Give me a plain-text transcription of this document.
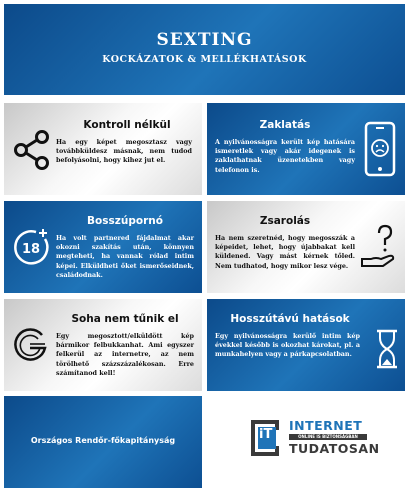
SEXTING
KOCKÁZATOK & MELLÉKHATÁSOK
Kontroll nélkül
Ha egy képet megosztasz vagy továbbküldesz másnak, nem tudod befolyásolni, hogy kihez jut el.
Zaklatás
A nyilvánosságra került kép hatására ismeretlek vagy akár idegenek is zaklathatnak üzenetekben vagy telefonon is.
18
Bosszúpornó
Ha volt partnered fájdalmat akar okozni szakítás után, könnyen megteheti, ha vannak rólad intim képei. Elküldheti őket ismerőseidnek, családodnak.
Zsarolás
Ha nem szeretnéd, hogy megosszák a képeidet, lehet, hogy újabbakat kell küldened. Vagy mást kérnek tőled. Nem tudhatod, hogy mikor lesz vége.
Soha nem tűnik el
Egy megosztott/elküldött kép bármikor felbukkanhat. Ami egyszer felkerül az internetre, az nem törölhető százszázalékosan. Erre számítanod kell!
Hosszútávú hatások
Egy nyilvánosságra kerülő intim kép évekkel később is okozhat károkat, pl. a munkahelyen vagy a párkapcsolatban.
Országos Rendőr-főkapitányság	iT
INTERNET
ONLINE IS BIZTONSÁGBAN
TUDATOSAN
